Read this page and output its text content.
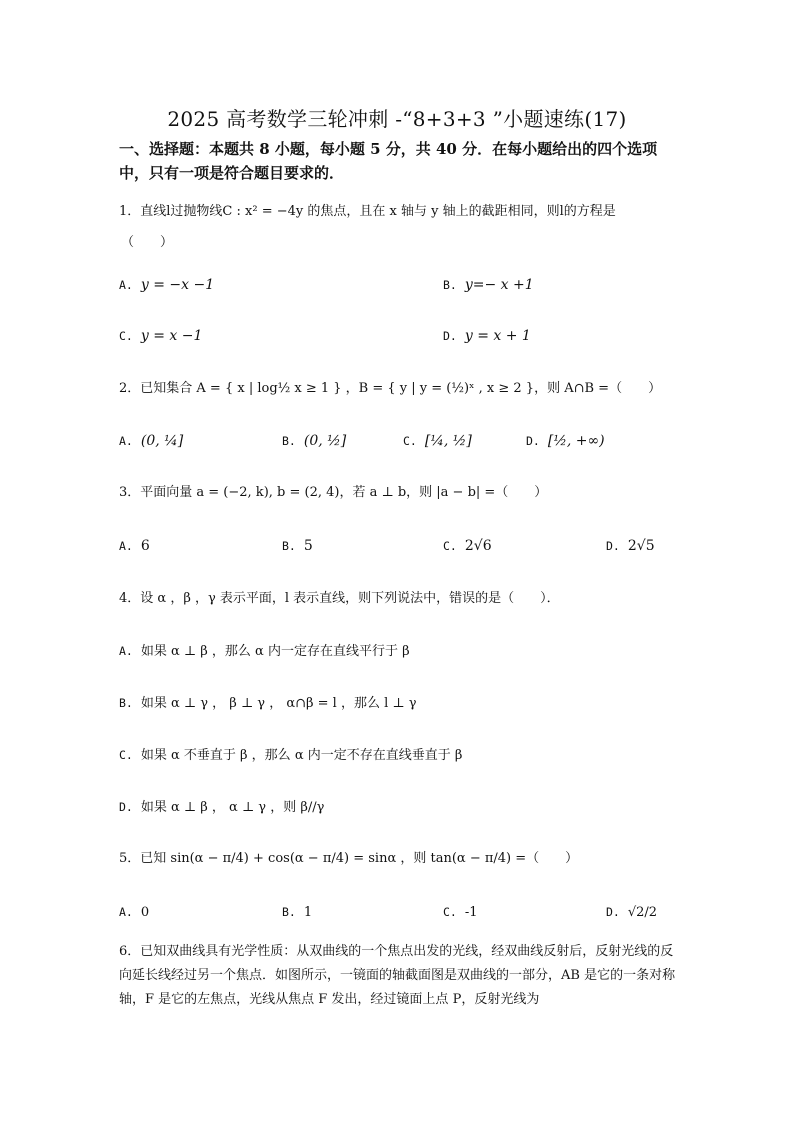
2025 高考数学三轮冲刺 -“8+3+3 ”小题速练(17)
一、选择题：本题共 8 小题，每小题 5 分，共 40 分．在每小题给出的四个选项中，只有一项是符合题目要求的．
1．直线l过抛物线C : x² = −4y 的焦点，且在 x 轴与 y 轴上的截距相同，则l的方程是
（　　）
A. y = −x −1	B. y=− x +1
C. y = x −1	D. y = x + 1
2．已知集合 A = { x | log½ x ≥ 1 } ，B = { y | y = (½)ˣ , x ≥ 2 }，则 A∩B =（　　）
A. (0, ¼]	B. (0, ½]	C. [¼, ½]	D. [½, +∞)
3．平面向量 a = (−2, k), b = (2, 4)，若 a ⊥ b，则 |a − b| =（　　）
A. 6	B. 5	C. 2√6	D. 2√5
4．设 α ，β ，γ 表示平面，l 表示直线，则下列说法中，错误的是（　　）．
A. 如果 α ⊥ β ，那么 α 内一定存在直线平行于 β
B. 如果 α ⊥ γ ， β ⊥ γ ， α∩β = l ，那么 l ⊥ γ
C. 如果 α 不垂直于 β ，那么 α 内一定不存在直线垂直于 β
D. 如果 α ⊥ β ， α ⊥ γ ，则 β//γ
5．已知 sin(α − π/4) + cos(α − π/4) = sinα ，则 tan(α − π/4) =（　　）
A. 0	B. 1	C. -1	D. √2/2
6．已知双曲线具有光学性质：从双曲线的一个焦点出发的光线，经双曲线反射后，反射光线的反向延长线经过另一个焦点．如图所示，一镜面的轴截面图是双曲线的一部分，AB 是它的一条对称轴，F 是它的左焦点，光线从焦点 F 发出，经过镜面上点 P，反射光线为
